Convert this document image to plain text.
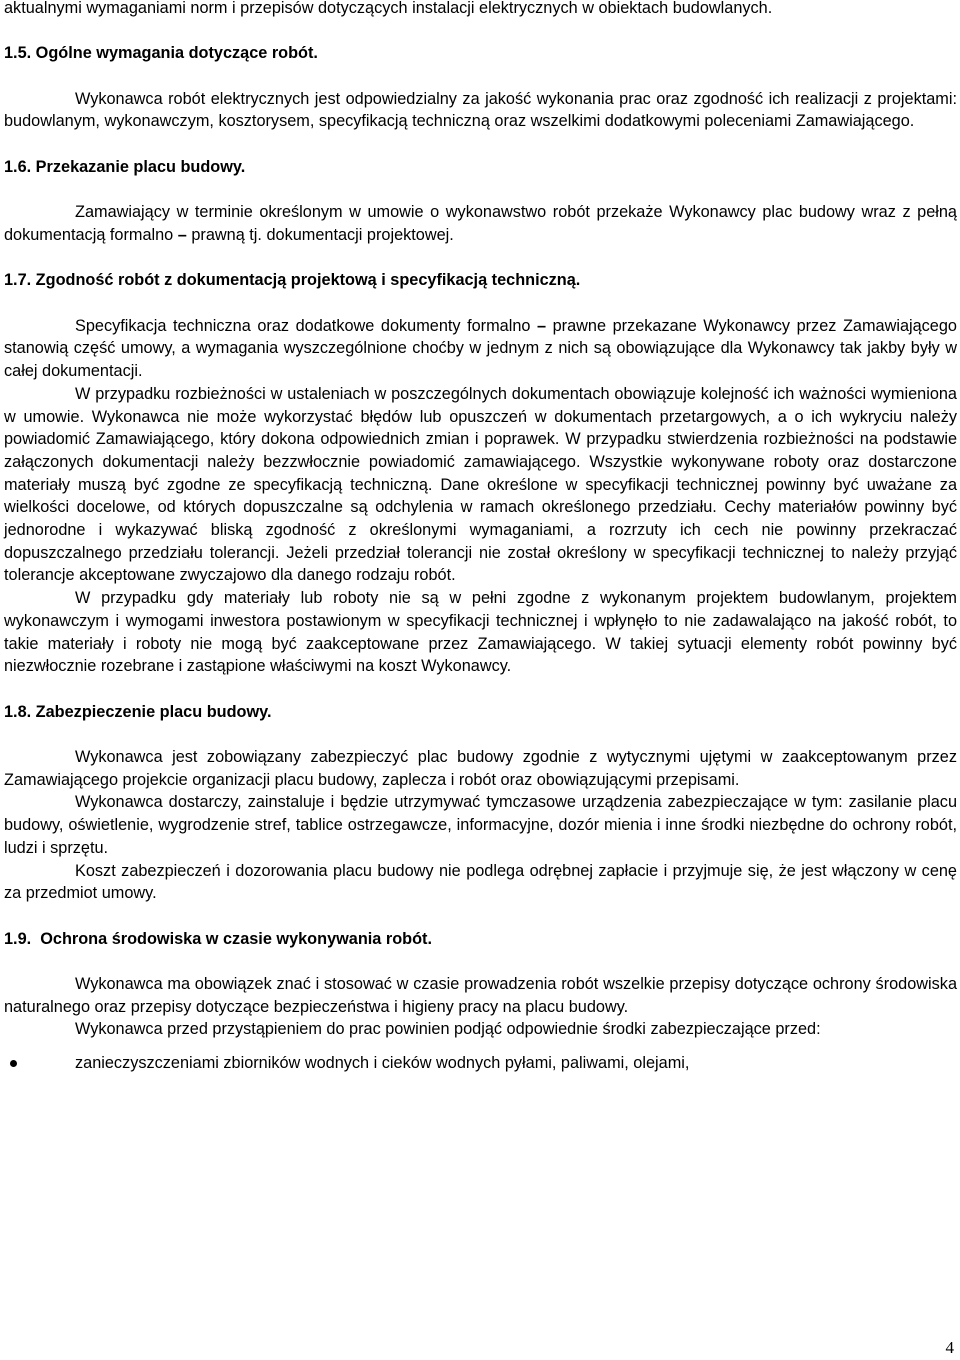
aktualnymi wymaganiami norm i przepisów dotyczących instalacji elektrycznych w obiektach budowlanych.

1.5. Ogólne wymagania dotyczące robót.

Wykonawca robót elektrycznych jest odpowiedzialny za jakość wykonania prac oraz zgodność ich realizacji z projektami: budowlanym, wykonawczym, kosztorysem, specyfikacją techniczną oraz wszelkimi dodatkowymi poleceniami Zamawiającego.

1.6. Przekazanie placu budowy.

Zamawiający w terminie określonym w umowie o wykonawstwo robót przekaże Wykonawcy plac budowy wraz z pełną dokumentacją formalno – prawną tj. dokumentacji projektowej.

1.7. Zgodność robót z dokumentacją projektową i specyfikacją techniczną.

Specyfikacja techniczna oraz dodatkowe dokumenty formalno – prawne przekazane Wykonawcy przez Zamawiającego stanowią część umowy, a wymagania wyszczególnione choćby w jednym z nich są obowiązujące dla Wykonawcy tak jakby były w całej dokumentacji.

W przypadku rozbieżności w ustaleniach w poszczególnych dokumentach obowiązuje kolejność ich ważności wymieniona w umowie. Wykonawca nie może wykorzystać błędów lub opuszczeń w dokumentach przetargowych, a o ich wykryciu należy powiadomić Zamawiającego, który dokona odpowiednich zmian i poprawek. W przypadku stwierdzenia rozbieżności na podstawie załączonych dokumentacji należy bezzwłocznie powiadomić zamawiającego. Wszystkie wykonywane roboty oraz dostarczone materiały muszą być zgodne ze specyfikacją techniczną. Dane określone w specyfikacji technicznej powinny być uważane za wielkości docelowe, od których dopuszczalne są odchylenia w ramach określonego przedziału. Cechy materiałów powinny być jednorodne i wykazywać bliską zgodność z określonymi wymaganiami, a rozrzuty ich cech nie powinny przekraczać dopuszczalnego przedziału tolerancji. Jeżeli przedział tolerancji nie został określony w specyfikacji technicznej to należy przyjąć tolerancje akceptowane zwyczajowo dla danego rodzaju robót.

W przypadku gdy materiały lub roboty nie są w pełni zgodne z wykonanym projektem budowlanym, projektem wykonawczym i wymogami inwestora postawionym w specyfikacji technicznej i wpłynęło to nie zadawalająco na jakość robót, to takie materiały i roboty nie mogą być zaakceptowane przez Zamawiającego. W takiej sytuacji elementy robót powinny być niezwłocznie rozebrane i zastąpione właściwymi na koszt Wykonawcy.

1.8. Zabezpieczenie placu budowy.

Wykonawca jest zobowiązany zabezpieczyć plac budowy zgodnie z wytycznymi ujętymi w zaakceptowanym przez Zamawiającego projekcie organizacji placu budowy, zaplecza i robót oraz obowiązującymi przepisami.

Wykonawca dostarczy, zainstaluje i będzie utrzymywać tymczasowe urządzenia zabezpieczające w tym: zasilanie placu budowy, oświetlenie, wygrodzenie stref, tablice ostrzegawcze, informacyjne, dozór mienia i inne środki niezbędne do ochrony robót, ludzi i sprzętu.

Koszt zabezpieczeń i dozorowania placu budowy nie podlega odrębnej zapłacie i przyjmuje się, że jest włączony w cenę za przedmiot umowy.

1.9. Ochrona środowiska w czasie wykonywania robót.

Wykonawca ma obowiązek znać i stosować w czasie prowadzenia robót wszelkie przepisy dotyczące ochrony środowiska naturalnego oraz przepisy dotyczące bezpieczeństwa i higieny pracy na placu budowy.

Wykonawca przed przystąpieniem do prac powinien podjąć odpowiednie środki zabezpieczające przed:

zanieczyszczeniami zbiorników wodnych i cieków wodnych pyłami, paliwami, olejami,
4
